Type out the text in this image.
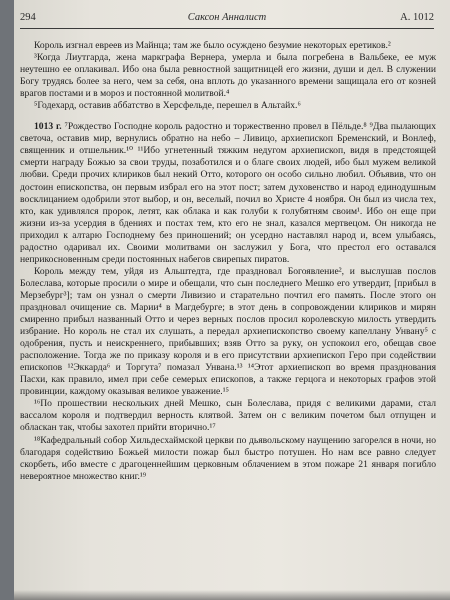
294	Саксон Анналист	А. 1012

Король изгнал евреев из Майнца; там же было осуждено безумие некоторых еретиков.²

³Когда Лиутгарда, жена маркграфа Вернера, умерла и была погребена в Вальбеке, ее муж неутешно ее оплакивал. Ибо она была ревностной защитницей его жизни, души и дел. В служении Богу трудясь более за него, чем за себя, она вплоть до указанного времени защищала его от козней врагов постами и в мороз и постоянной молитвой.⁴

⁵Годехард, оставив аббатство в Херсфельде, перешел в Альтайх.⁶

1013 г. ⁷Рождество Господне король радостно и торжественно провел в Пёльде.⁸ ⁹Два пылающих светоча, оставив мир, вернулись обратно на небо – Ливицо, архиепископ Бременский, и Вонлеф, священник и отшельник.¹⁰ ¹¹Ибо угнетенный тяжким недугом архиепископ, видя в предстоящей смерти награду Божью за свои труды, позаботился и о благе своих людей, ибо был мужем великой любви. Среди прочих клириков был некий Отто, которого он особо сильно любил. Объявив, что он достоин епископства, он первым избрал его на этот пост; затем духовенство и народ единодушным восклицанием одобрили этот выбор, и он, веселый, почил во Христе 4 ноября. Он был из числа тех, кто, как удивлялся пророк, летят, как облака и как голуби к голубятням своим¹. Ибо он еще при жизни из-за усердия в бдениях и постах тем, кто его не знал, казался мертвецом. Он никогда не приходил к алтарю Господнему без приношений; он усердно наставлял народ и, всем улыбаясь, радостно одаривал их. Своими молитвами он заслужил у Бога, что престол его оставался неприкосновенным среди постоянных набегов свирепых пиратов.

Король между тем, уйдя из Альштедта, где праздновал Богоявление², и выслушав послов Болеслава, которые просили о мире и обещали, что сын последнего Мешко его утвердит, [прибыл в Мерзебург³]; там он узнал о смерти Ливизио и старательно почтил его память. После этого он праздновал очищение св. Марии⁴ в Магдебурге; в этот день в сопровождении клириков и мирян смиренно прибыл названный Отто и через верных послов просил королевскую милость утвердить избрание. Но король не стал их слушать, а передал архиепископство своему капеллану Унвану⁵ с одобрения, пусть и неискреннего, прибывших; взяв Отто за руку, он успокоил его, обещав свое расположение. Тогда же по приказу короля и в его присутствии архиепископ Геро при содействии епископов ¹²Эккарда⁶ и Торгута⁷ помазал Унвана.¹³ ¹⁴Этот архиепископ во время празднования Пасхи, как правило, имел при себе семерых епископов, а также герцога и некоторых графов этой провинции, каждому оказывая великое уважение.¹⁵

¹⁶По прошествии нескольких дней Мешко, сын Болеслава, придя с великими дарами, стал вассалом короля и подтвердил верность клятвой. Затем он с великим почетом был отпущен и обласкан так, чтобы захотел прийти вторично.¹⁷

¹⁸Кафедральный собор Хильдесхаймской церкви по дьявольскому наущению загорелся в ночи, но благодаря содействию Божьей милости пожар был быстро потушен. Но нам все равно следует скорбеть, ибо вместе с драгоценнейшим церковным облачением в этом пожаре 21 января погибло невероятное множество книг.¹⁹
